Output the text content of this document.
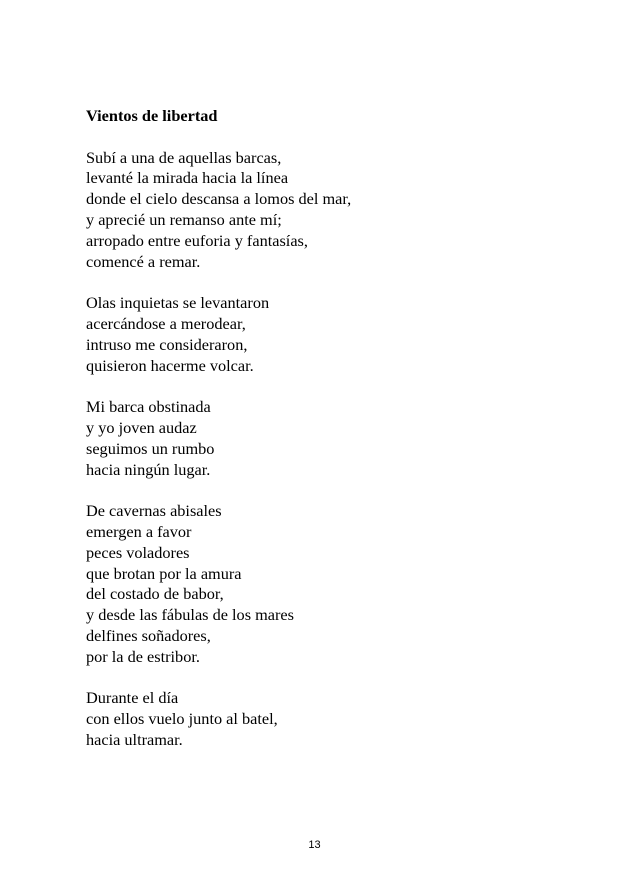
Vientos de libertad
Subí a una de aquellas barcas,
levanté la mirada hacia la línea
donde el cielo descansa a lomos del mar,
y aprecié un remanso ante mí;
arropado entre euforia y fantasías,
comencé a remar.
Olas inquietas se levantaron
acercándose a merodear,
intruso me consideraron,
quisieron hacerme volcar.
Mi barca obstinada
y yo joven audaz
seguimos un rumbo
hacia ningún lugar.
De cavernas abisales
emergen a favor
peces voladores
que brotan por la amura
del costado de babor,
y desde las fábulas de los mares
delfines soñadores,
por la de estribor.
Durante el día
con ellos vuelo junto al batel,
hacia ultramar.
13
